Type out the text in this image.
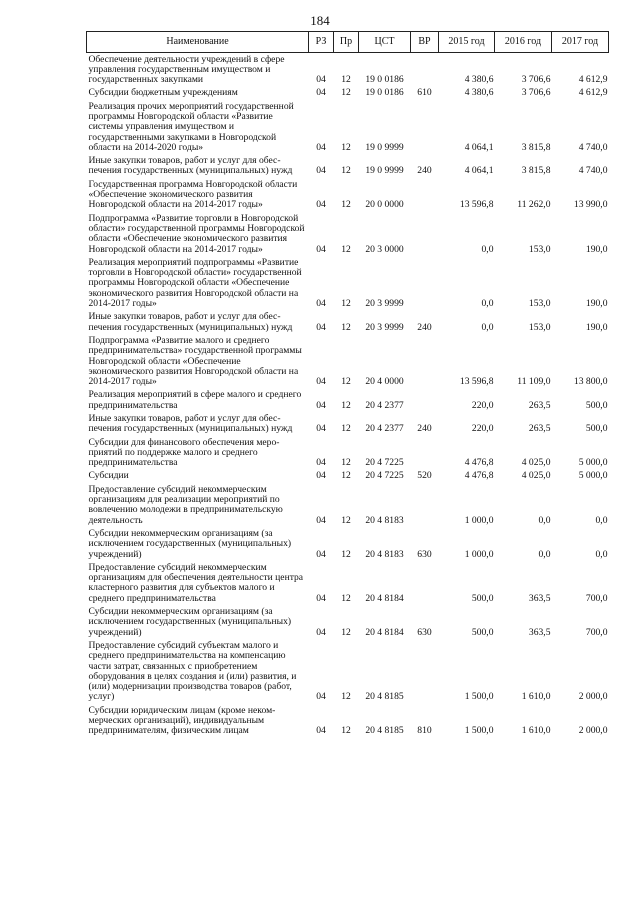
184
Наименование	РЗ	Пр	ЦСТ	ВР	2015 год	2016 год	2017 год
Обеспечение деятельности учреждений в сфере управления государственным имуществом и государственных закупками	04	12	19 0 0186		4 380,6	3 706,6	4 612,9
Субсидии бюджетным учреждениям	04	12	19 0 0186	610	4 380,6	3 706,6	4 612,9
Реализация прочих мероприятий государственной программы Новгородской области «Развитие системы управления имуществом и государственными закупками в Новгородской области на 2014-2020 годы»	04	12	19 0 9999		4 064,1	3 815,8	4 740,0
Иные закупки товаров, работ и услуг для обеспечения государственных (муниципальных) нужд	04	12	19 0 9999	240	4 064,1	3 815,8	4 740,0
Государственная программа Новгородской области «Обеспечение экономического развития Новгородской области на 2014-2017 годы»	04	12	20 0 0000		13 596,8	11 262,0	13 990,0
Подпрограмма «Развитие торговли в Новгородской области» государственной программы Новгородской области «Обеспечение экономического развития Новгородской области на 2014-2017 годы»	04	12	20 3 0000		0,0	153,0	190,0
Реализация мероприятий подпрограммы «Развитие торговли в Новгородской области» государственной программы Новгородской области «Обеспечение экономического развития Новгородской области на 2014-2017 годы»	04	12	20 3 9999		0,0	153,0	190,0
Иные закупки товаров, работ и услуг для обеспечения государственных (муниципальных) нужд	04	12	20 3 9999	240	0,0	153,0	190,0
Подпрограмма «Развитие малого и среднего предпринимательства» государственной программы Новгородской области «Обеспечение экономического развития Новгородской области на 2014-2017 годы»	04	12	20 4 0000		13 596,8	11 109,0	13 800,0
Реализация мероприятий в сфере малого и среднего предпринимательства	04	12	20 4 2377		220,0	263,5	500,0
Иные закупки товаров, работ и услуг для обеспечения государственных (муниципальных) нужд	04	12	20 4 2377	240	220,0	263,5	500,0
Субсидии для финансового обеспечения мероприятий по поддержке малого и среднего предпринимательства	04	12	20 4 7225		4 476,8	4 025,0	5 000,0
Субсидии	04	12	20 4 7225	520	4 476,8	4 025,0	5 000,0
Предоставление субсидий некоммерческим организациям для реализации мероприятий по вовлечению молодежи в предпринимательскую деятельность	04	12	20 4 8183		1 000,0	0,0	0,0
Субсидии некоммерческим организациям (за исключением государственных (муниципальных) учреждений)	04	12	20 4 8183	630	1 000,0	0,0	0,0
Предоставление субсидий некоммерческим организациям для обеспечения деятельности центра кластерного развития для субъектов малого и среднего предпринимательства	04	12	20 4 8184		500,0	363,5	700,0
Субсидии некоммерческим организациям (за исключением государственных (муниципальных) учреждений)	04	12	20 4 8184	630	500,0	363,5	700,0
Предоставление субсидий субъектам малого и среднего предпринимательства на компенсацию части затрат, связанных с приобретением оборудования в целях создания и (или) развития, и (или) модернизации производства товаров (работ, услуг)	04	12	20 4 8185		1 500,0	1 610,0	2 000,0
Субсидии юридическим лицам (кроме некоммерческих организаций), индивидуальным предпринимателям, физическим лицам	04	12	20 4 8185	810	1 500,0	1 610,0	2 000,0
